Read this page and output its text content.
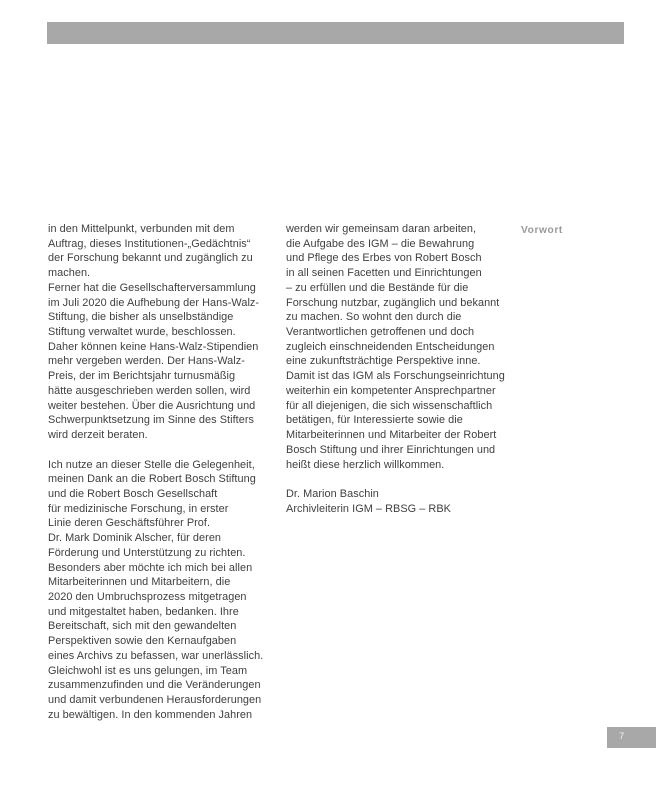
in den Mittelpunkt, verbunden mit dem
Auftrag, dieses Institutionen-„Gedächtnis“
der Forschung bekannt und zugänglich zu
machen.
Ferner hat die Gesellschafterversammlung
im Juli 2020 die Aufhebung der Hans-Walz-
Stiftung, die bisher als unselbständige
Stiftung verwaltet wurde, beschlossen.
Daher können keine Hans-Walz-Stipendien
mehr vergeben werden. Der Hans-Walz-
Preis, der im Berichtsjahr turnusmäßig
hätte ausgeschrieben werden sollen, wird
weiter bestehen. Über die Ausrichtung und
Schwerpunktsetzung im Sinne des Stifters
wird derzeit beraten.
Ich nutze an dieser Stelle die Gelegenheit,
meinen Dank an die Robert Bosch Stiftung
und die Robert Bosch Gesellschaft
für medizinische Forschung, in erster
Linie deren Geschäftsführer Prof.
Dr. Mark Dominik Alscher, für deren
Förderung und Unterstützung zu richten.
Besonders aber möchte ich mich bei allen
Mitarbeiterinnen und Mitarbeitern, die
2020 den Umbruchsprozess mitgetragen
und mitgestaltet haben, bedanken. Ihre
Bereitschaft, sich mit den gewandelten
Perspektiven sowie den Kernaufgaben
eines Archivs zu befassen, war unerlässlich.
Gleichwohl ist es uns gelungen, im Team
zusammenzufinden und die Veränderungen
und damit verbundenen Herausforderungen
zu bewältigen. In den kommenden Jahren
werden wir gemeinsam daran arbeiten,
die Aufgabe des IGM – die Bewahrung
und Pflege des Erbes von Robert Bosch
in all seinen Facetten und Einrichtungen
– zu erfüllen und die Bestände für die
Forschung nutzbar, zugänglich und bekannt
zu machen. So wohnt den durch die
Verantwortlichen getroffenen und doch
zugleich einschneidenden Entscheidungen
eine zukunftsträchtige Perspektive inne.
Damit ist das IGM als Forschungseinrichtung
weiterhin ein kompetenter Ansprechpartner
für all diejenigen, die sich wissenschaftlich
betätigen, für Interessierte sowie die
Mitarbeiterinnen und Mitarbeiter der Robert
Bosch Stiftung und ihrer Einrichtungen und
heißt diese herzlich willkommen.
Dr. Marion Baschin
Archivleiterin IGM – RBSG – RBK
Vorwort
7
